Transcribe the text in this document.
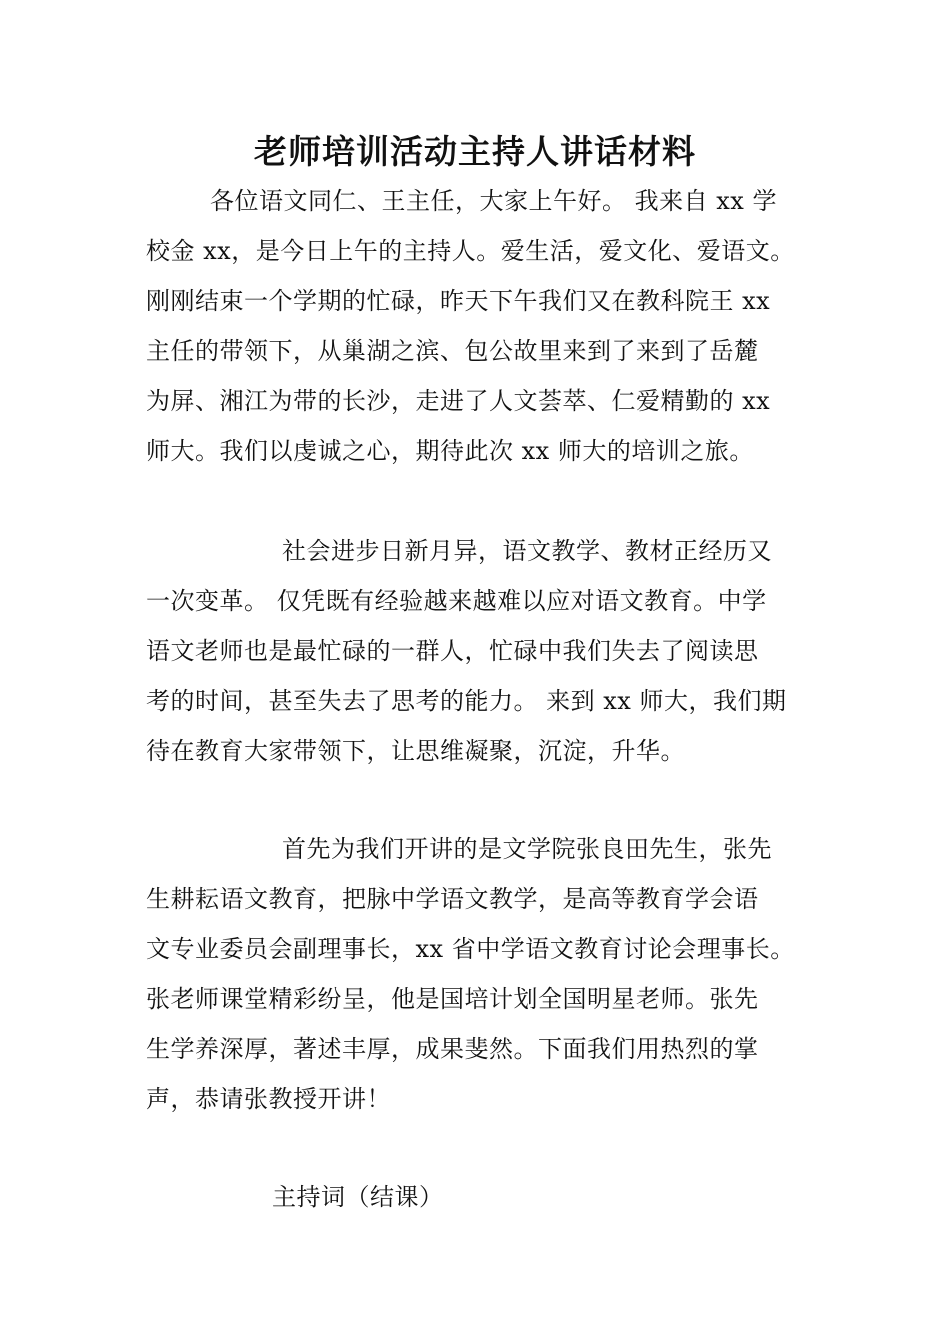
老师培训活动主持人讲话材料
各位语文同仁、王主任，大家上午好。 我来自 xx 学
校金 xx，是今日上午的主持人。爱生活，爱文化、爱语文。
刚刚结束一个学期的忙碌，昨天下午我们又在教科院王 xx
主任的带领下，从巢湖之滨、包公故里来到了来到了岳麓
为屏、湘江为带的长沙，走进了人文荟萃、仁爱精勤的 xx
师大。我们以虔诚之心，期待此次 xx 师大的培训之旅。
社会进步日新月异，语文教学、教材正经历又
一次变革。 仅凭既有经验越来越难以应对语文教育。中学
语文老师也是最忙碌的一群人，忙碌中我们失去了阅读思
考的时间，甚至失去了思考的能力。 来到 xx 师大，我们期
待在教育大家带领下，让思维凝聚，沉淀，升华。
首先为我们开讲的是文学院张良田先生，张先
生耕耘语文教育，把脉中学语文教学，是高等教育学会语
文专业委员会副理事长，xx 省中学语文教育讨论会理事长。
张老师课堂精彩纷呈，他是国培计划全国明星老师。张先
生学养深厚，著述丰厚，成果斐然。下面我们用热烈的掌
声，恭请张教授开讲！
主持词（结课）
